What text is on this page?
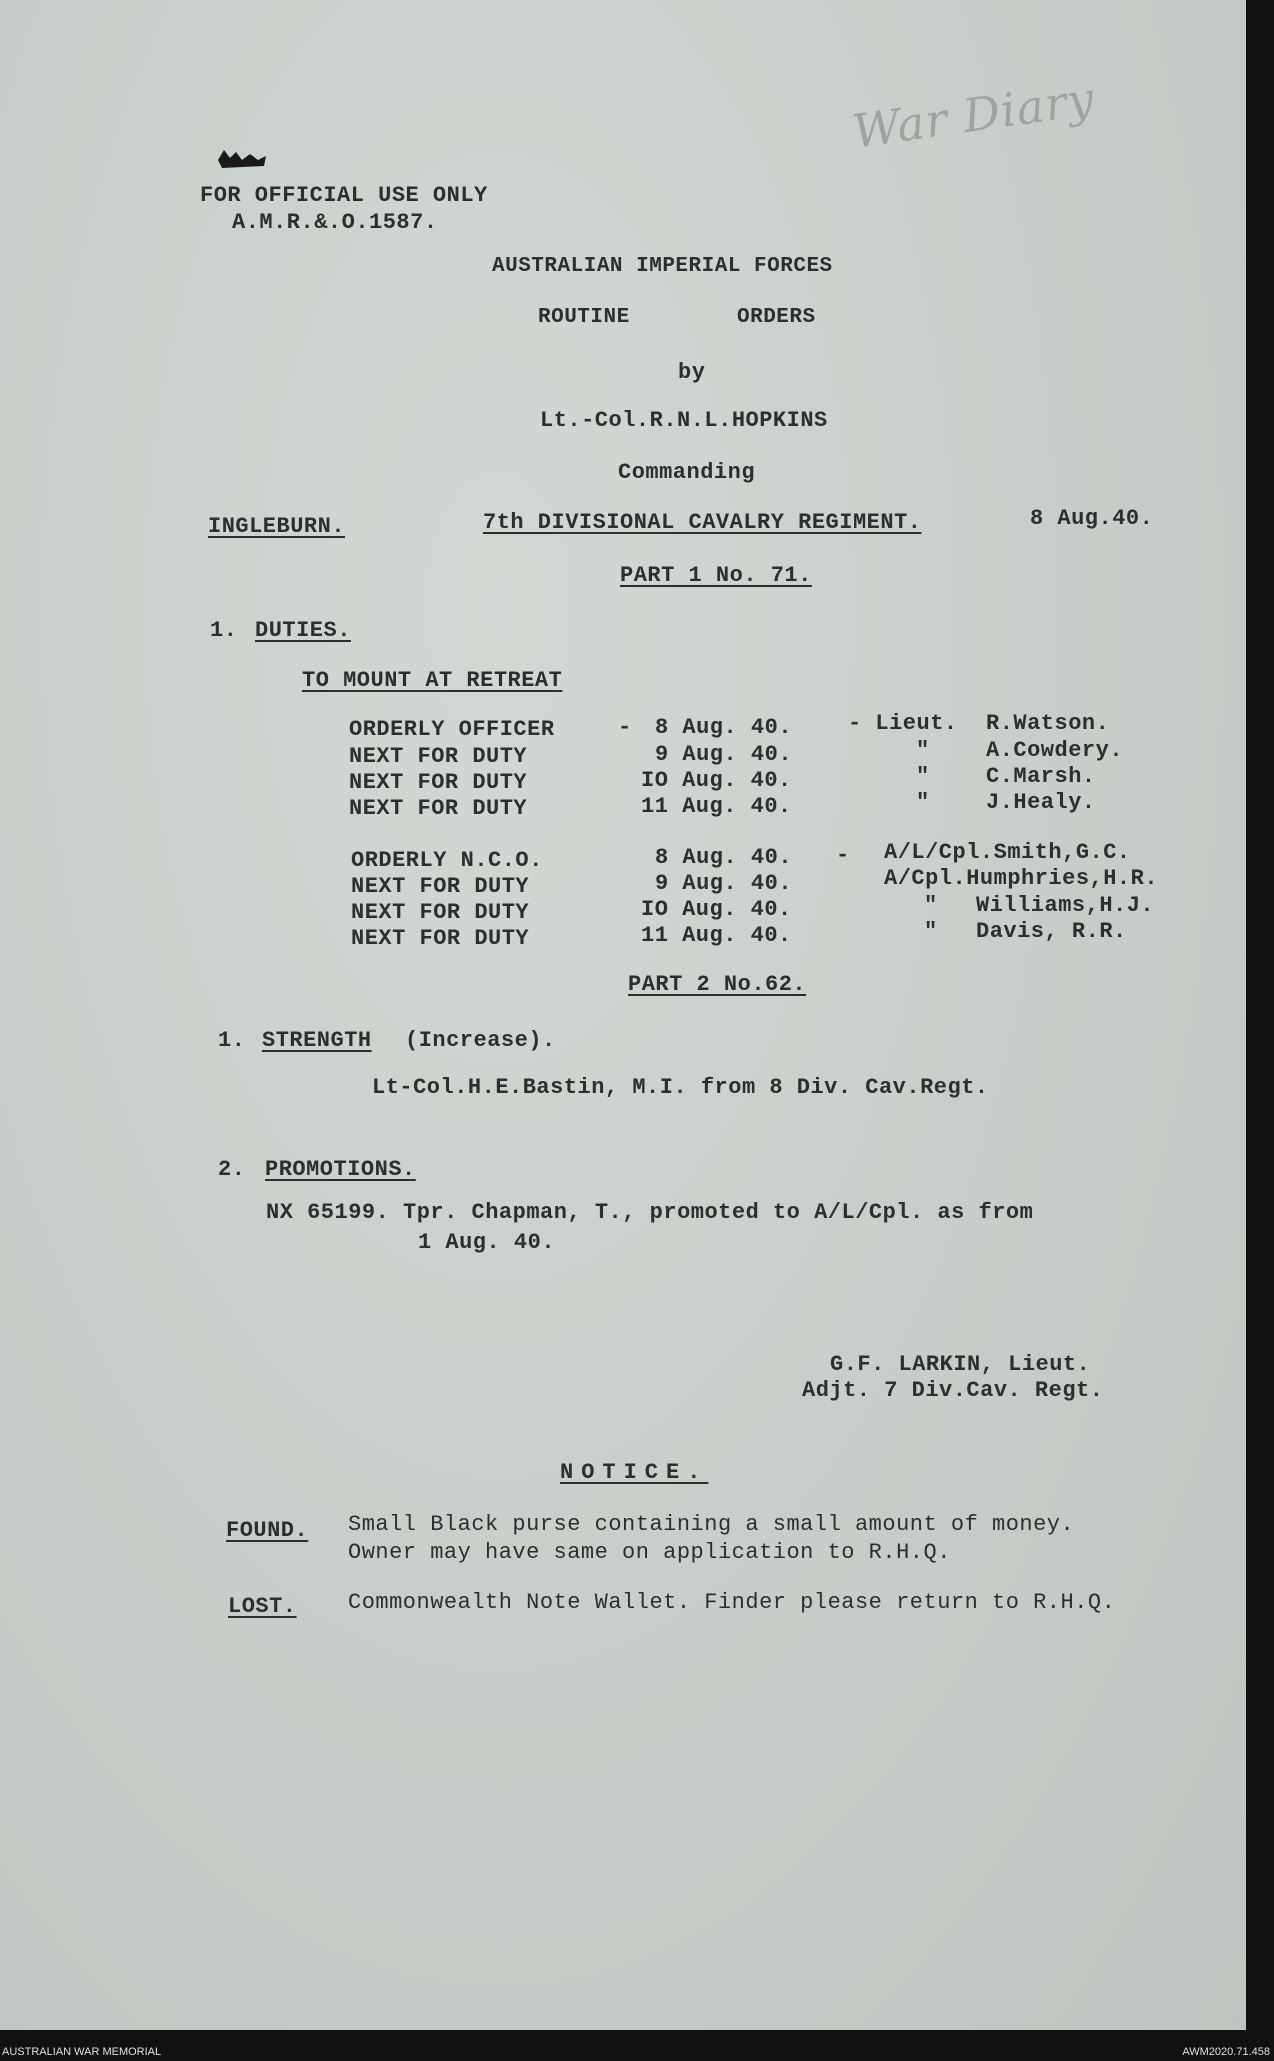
War Diary
FOR OFFICIAL USE ONLY
A.M.R.&.O.1587.
AUSTRALIAN IMPERIAL FORCES
ROUTINE	ORDERS
by
Lt.-Col.R.N.L.HOPKINS
Commanding
INGLEBURN.	7th DIVISIONAL CAVALRY REGIMENT.	8 Aug.40.
PART 1 No. 71.
1. DUTIES.
TO MOUNT AT RETREAT
ORDERLY OFFICER	- 8 Aug. 40.	- Lieut. R.Watson.
NEXT FOR DUTY	9 Aug. 40.	"	A.Cowdery.
NEXT FOR DUTY	IO Aug. 40.	"	C.Marsh.
NEXT FOR DUTY	11 Aug. 40.	"	J.Healy.
ORDERLY N.C.O.	8 Aug. 40. - A/L/Cpl.Smith,G.C.
NEXT FOR DUTY	9 Aug. 40.	A/Cpl.Humphries,H.R.
NEXT FOR DUTY	IO Aug. 40.	" Williams,H.J.
NEXT FOR DUTY	11 Aug. 40.	" Davis, R.R.
PART 2 No.62.
1. STRENGTH (Increase).
Lt-Col.H.E.Bastin, M.I. from 8 Div. Cav.Regt.
2. PROMOTIONS.
NX 65199. Tpr. Chapman, T., promoted to A/L/Cpl. as from
1 Aug. 40.
G.F. LARKIN, Lieut.
Adjt. 7 Div.Cav. Regt.
NOTICE.
FOUND. Small Black purse containing a small amount of money.
Owner may have same on application to R.H.Q.
LOST. Commonwealth Note Wallet. Finder please return to R.H.Q.
AUSTRALIAN WAR MEMORIAL	AWM2020.71.458
